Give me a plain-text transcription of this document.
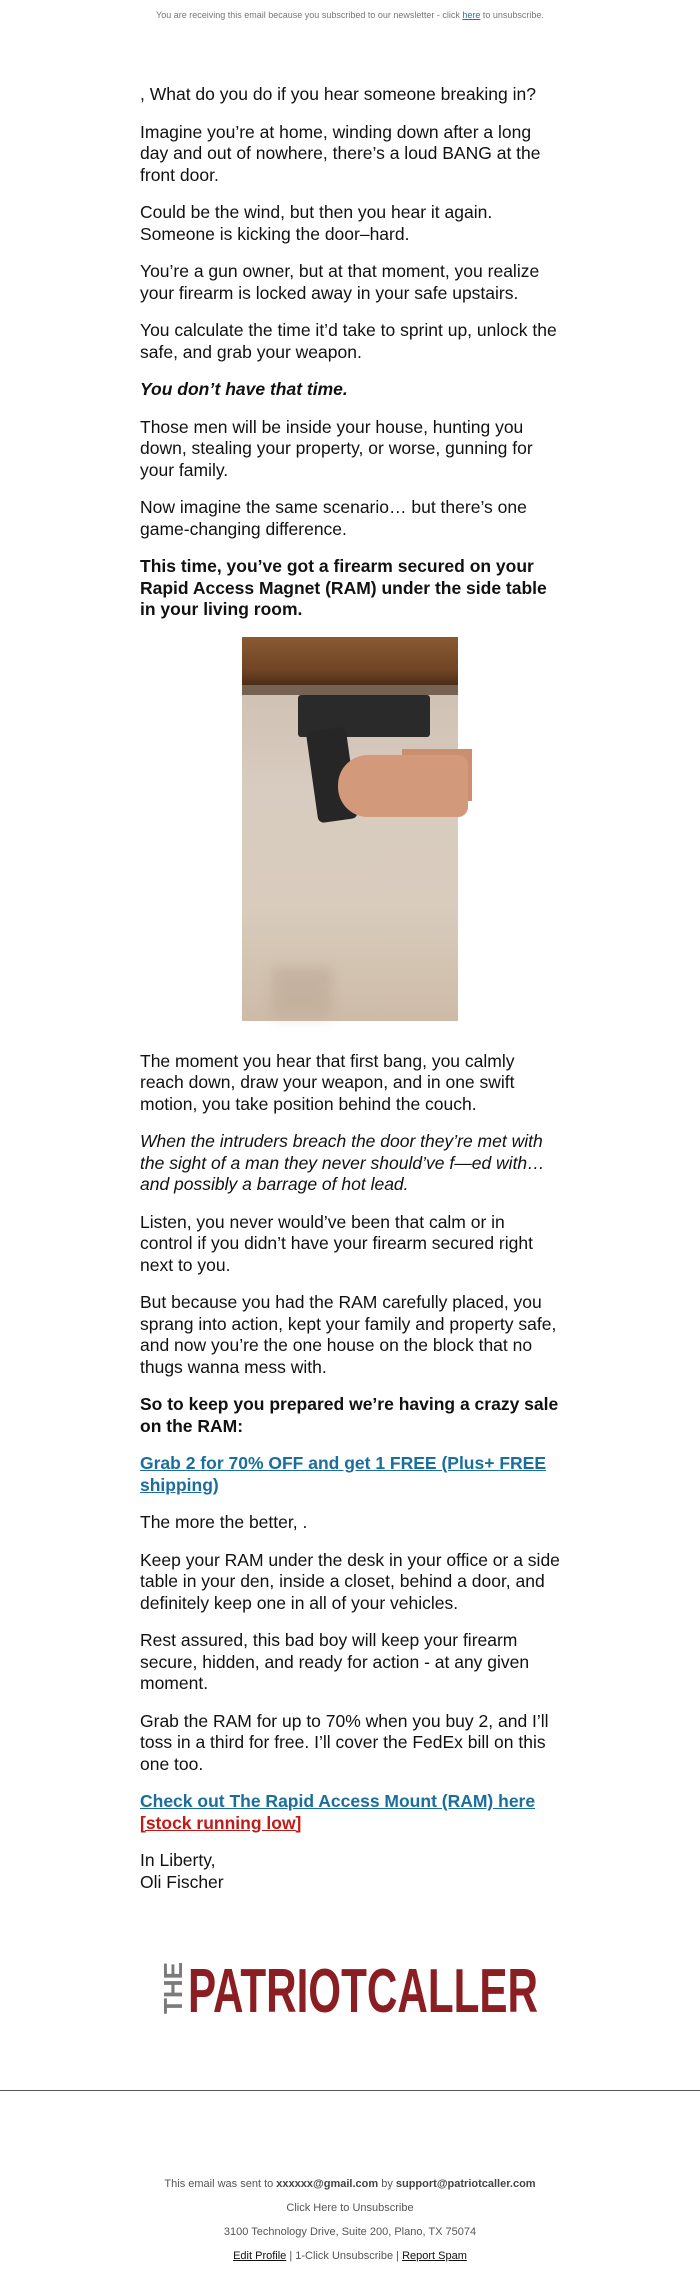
You are receiving this email because you subscribed to our newsletter - click here to unsubscribe.

, What do you do if you hear someone breaking in?

Imagine you’re at home, winding down after a long day and out of nowhere, there’s a loud BANG at the front door.

Could be the wind, but then you hear it again. Someone is kicking the door–hard.

You’re a gun owner, but at that moment, you realize your firearm is locked away in your safe upstairs.

You calculate the time it’d take to sprint up, unlock the safe, and grab your weapon.

You don’t have that time.

Those men will be inside your house, hunting you down, stealing your property, or worse, gunning for your family.

Now imagine the same scenario… but there’s one game-changing difference.

This time, you’ve got a firearm secured on your Rapid Access Magnet (RAM) under the side table in your living room.

The moment you hear that first bang, you calmly reach down, draw your weapon, and in one swift motion, you take position behind the couch.

When the intruders breach the door they’re met with the sight of a man they never should’ve f—ed with… and possibly a barrage of hot lead.

Listen, you never would’ve been that calm or in control if you didn’t have your firearm secured right next to you.

But because you had the RAM carefully placed, you sprang into action, kept your family and property safe, and now you’re the one house on the block that no thugs wanna mess with.

So to keep you prepared we’re having a crazy sale on the RAM:

Grab 2 for 70% OFF and get 1 FREE (Plus+ FREE shipping)

The more the better, .

Keep your RAM under the desk in your office or a side table in your den, inside a closet, behind a door, and definitely keep one in all of your vehicles.

Rest assured, this bad boy will keep your firearm secure, hidden, and ready for action - at any given moment.

Grab the RAM for up to 70% when you buy 2, and I’ll toss in a third for free. I’ll cover the FedEx bill on this one too.

Check out The Rapid Access Mount (RAM) here
[stock running low]

In Liberty,

Oli Fischer

THE PATRIOTCALLER
This email was sent to xxxxxx@gmail.com by support@patriotcaller.com
Click Here to Unsubscribe
3100 Technology Drive, Suite 200, Plano, TX 75074
Edit Profile | 1-Click Unsubscribe | Report Spam
